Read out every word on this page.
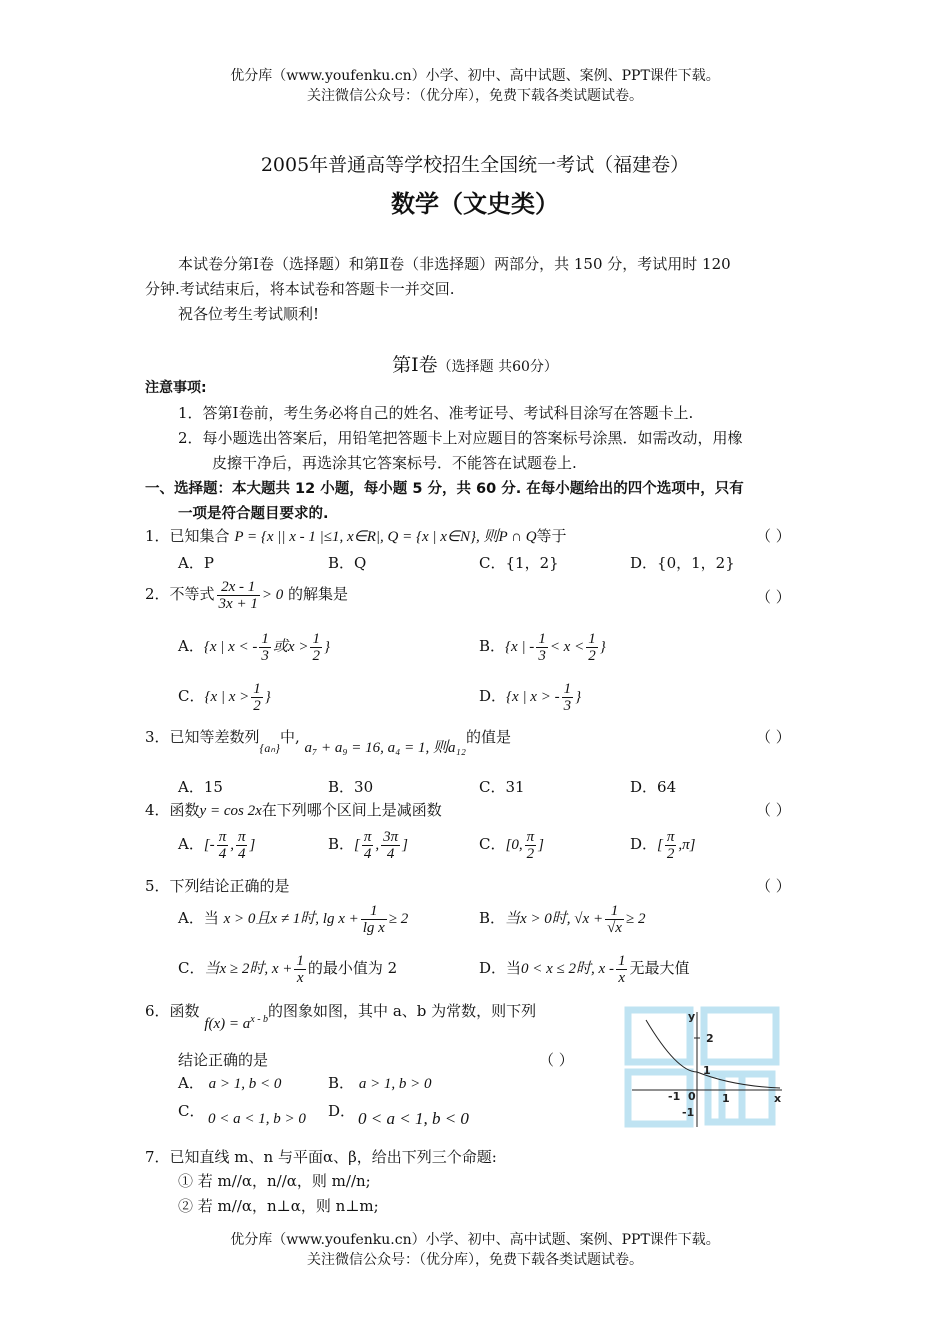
优分库（www.youfenku.cn）小学、初中、高中试题、案例、PPT课件下载。
关注微信公众号：（优分库），免费下载各类试题试卷。
2005年普通高等学校招生全国统一考试（福建卷）
数学（文史类）
本试卷分第Ⅰ卷（选择题）和第Ⅱ卷（非选择题）两部分，共 150 分，考试用时 120
分钟.考试结束后，将本试卷和答题卡一并交回.
祝各位考生考试顺利!
第Ⅰ卷（选择题 共60分）
注意事项:
1．答第Ⅰ卷前，考生务必将自己的姓名、准考证号、考试科目涂写在答题卡上.
2．每小题选出答案后，用铅笔把答题卡上对应题目的答案标号涂黑．如需改动，用橡
皮擦干净后，再选涂其它答案标号．不能答在试题卷上.
一、选择题：本大题共 12 小题，每小题 5 分，共 60 分. 在每小题给出的四个选项中，只有
一项是符合题目要求的.
1．已知集合 P = {x || x - 1 |≤1, x∈R|, Q = {x | x∈N}, 则P ∩ Q等于	（ ）
A．P	B．Q	C．{1，2}	D．{0，1，2}
2．不等式 $\frac{2x - 1}{3x + 1} > 0$ 的解集是	（ ）
A．{x | x < - $\frac{1}{3}$ 或$x > \frac{1}{2}$ }	B．{x | - $\frac{1}{3} < x < \frac{1}{2}$ }
C．{x | $x > \frac{1}{2}$ }	D．{x | x > - $\frac{1}{3}$ }
3．已知等差数列$_{\{a_n\}}$中, a₇ + a₉ = 16, a₄ = 1, 则a₁₂的值是	（ ）
A．15	B．30	C．31	D．64
4．函数y = cos 2x在下列哪个区间上是减函数	（ ）
A．[- $\frac{\pi}{4}$ , $\frac{\pi}{4}$ ]	B．[ $\frac{\pi}{4}$ , $\frac{3\pi}{4}$ ]	C．[0, $\frac{\pi}{2}$ ]	D．[ $\frac{\pi}{2} ,\pi$]
5．下列结论正确的是	（ ）
A．当 x > 0且x ≠ 1时, $\lg x + \frac{1}{\text{lg x}} \ge 2$	B．当x > 0时, $√x + \frac{1}{√x} \ge 2$
C．当x ≥ 2时, $x + \frac{1}{x}$ 的最小值为 2	D．当0 < x ≤ 2时, x - $\frac{1}{x}$ 无最大值
6．函数 $f(x) = a^{x - b}$的图象如图，其中 a、b 为常数，则下列
结论正确的是	（ ）
A． a > 1, b < 0	B． a > 1, b > 0
C． 0 < a < 1, b > 0 D． 0 < a < 1, b < 0
y
x
2
1
-1 0 1
-1
7．已知直线 m、n 与平面α、β，给出下列三个命题:
① 若 m//α，n//α，则 m//n;
② 若 m//α，n⊥α，则 n⊥m;
优分库（www.youfenku.cn）小学、初中、高中试题、案例、PPT课件下载。
关注微信公众号：（优分库），免费下载各类试题试卷。
